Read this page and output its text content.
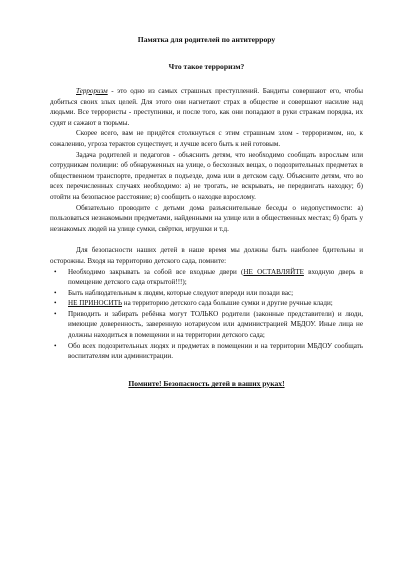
Памятка для родителей по антитеррору

Что такое терроризм?

Терроризм - это одно из самых страшных преступлений. Бандиты совершают его, чтобы добиться своих злых целей. Для этого они нагнетают страх в обществе и совершают насилие над людьми. Все террористы - преступники, и после того, как они попадают в руки стражам порядка, их судят и сажают в тюрьмы.

Скорее всего, вам не придётся столкнуться с этим страшным злом - терроризмом, но, к сожалению, угроза терактов существует, и лучше всего быть к ней готовым.

Задача родителей и педагогов - объяснить детям, что необходимо сообщать взрослым или сотрудникам полиции: об обнаруженных на улице, о бесхозных вещах, о подозрительных предметах в общественном транспорте, предметах в подъезде, дома или в детском саду. Объясните детям, что во всех перечисленных случаях необходимо: а) не трогать, не вскрывать, не передвигать находку; б) отойти на безопасное расстояние; в) сообщить о находке взрослому.

Обязательно проводите с детьми дома разъяснительные беседы о недопустимости: а) пользоваться незнакомыми предметами, найденными на улице или в общественных местах; б) брать у незнакомых людей на улице сумки, свёртки, игрушки и т.д.

Для безопасности наших детей в наше время мы должны быть наиболее бдительны и осторожны. Входя на территорию детского сада, помните:

• Необходимо закрывать за собой все входные двери (НЕ ОСТАВЛЯЙТЕ входную дверь в помещение детского сада открытой!!!);
• Быть наблюдательным к людям, которые следуют впереди или позади вас;
• НЕ ПРИНОСИТЬ на территорию детского сада большие сумки и другие ручные клади;
• Приводить и забирать ребёнка могут ТОЛЬКО родители (законные представители) и люди, имеющие доверенность, заверенную нотариусом или администрацией МБДОУ. Иные лица не должны находиться в помещении и на территории детского сада;
• Обо всех подозрительных людях и предметах в помещении и на территории МБДОУ сообщать воспитателям или администрации.

Помните! Безопасность детей в ваших руках!
